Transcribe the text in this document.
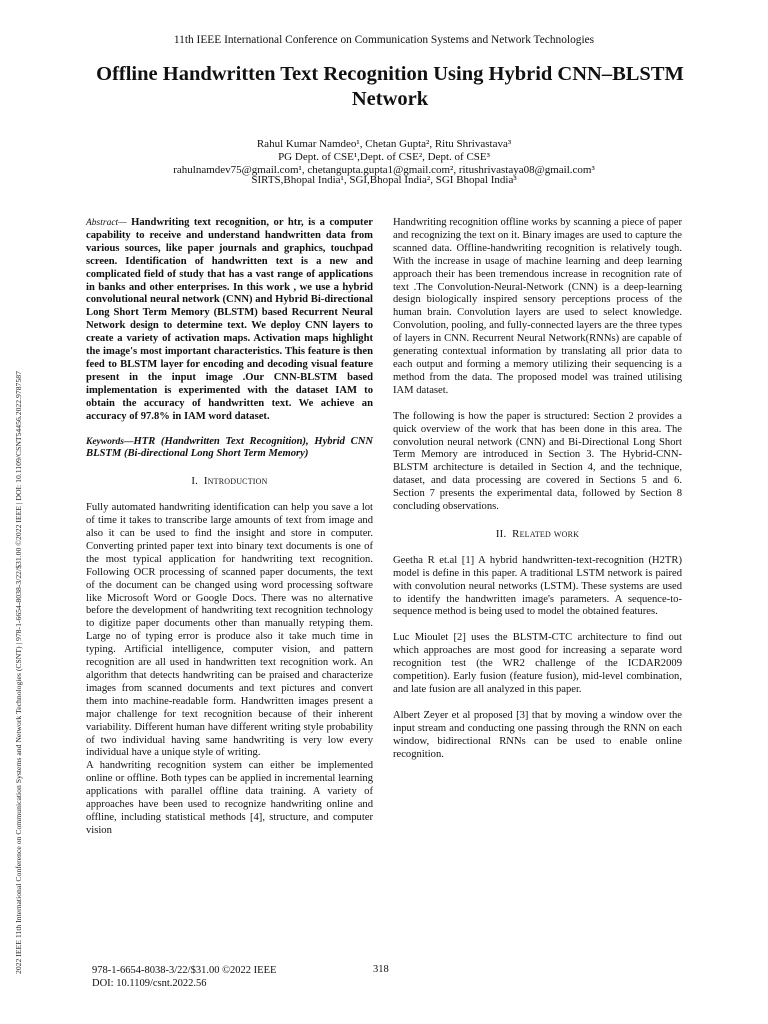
2022 IEEE 11th International Conference on Communication Systems and Network Technologies (CSNT) | 978-1-6654-8038-3/22/$31.00 ©2022 IEEE | DOI: 10.1109/CSNT54456.2022.9787587
11th IEEE International Conference on Communication Systems and Network Technologies
Offline Handwritten Text Recognition Using Hybrid CNN–BLSTM Network
Rahul Kumar Namdeo¹, Chetan Gupta², Ritu Shrivastava³
PG Dept. of CSE¹,Dept. of CSE², Dept. of CSE³
rahulnamdev75@gmail.com¹, chetangupta.gupta1@gmail.com², ritushrivastaya08@gmail.com³
SIRTS,Bhopal India¹, SGI,Bhopal India², SGI Bhopal India³

Abstract— Handwriting text recognition, or htr, is a computer capability to receive and understand handwritten data from various sources, like paper journals and graphics, touchpad screen. Identification of handwritten text is a new and complicated field of study that has a vast range of applications in banks and other enterprises. In this work , we use a hybrid convolutional neural network (CNN) and Hybrid Bi-directional Long Short Term Memory (BLSTM) based Recurrent Neural Network design to determine text. We deploy CNN layers to create a variety of activation maps. Activation maps highlight the image's most important characteristics. This feature is then feed to BLSTM layer for encoding and decoding visual feature present in the input image .Our CNN-BLSTM based implementation is experimented with the dataset IAM to obtain the accuracy of handwritten text. We achieve an accuracy of 97.8% in IAM word dataset.

Keywords—HTR (Handwritten Text Recognition), Hybrid CNN BLSTM (Bi-directional Long Short Term Memory)

I. Introduction

Fully automated handwriting identification can help you save a lot of time it takes to transcribe large amounts of text from image and also it can be used to find the insight and store in computer. Converting printed paper text into binary text documents is one of the most typical application for handwriting text recognition. Following OCR processing of scanned paper documents, the text of the document can be changed using word processing software like Microsoft Word or Google Docs. There was no alternative before the development of handwriting text recognition technology to digitize paper documents other than manually retyping them. Large no of typing error is produce also it take much time in typing. Artificial intelligence, computer vision, and pattern recognition are all used in handwritten text recognition work. An algorithm that detects handwriting can be praised and characterize images from scanned documents and text pictures and convert them into machine-readable form. Handwritten images present a major challenge for text recognition because of their inherent variability. Different human have different writing style probability of two individual having same handwriting is very low every individual have a unique style of writing.

A handwriting recognition system can either be implemented online or offline. Both types can be applied in incremental learning applications with parallel offline data training. A variety of approaches have been used to recognize handwriting online and offline, including statistical methods [4], structure, and computer vision

Handwriting recognition offline works by scanning a piece of paper and recognizing the text on it. Binary images are used to capture the scanned data. Offline-handwriting recognition is relatively tough. With the increase in usage of machine learning and deep learning approach their has been tremendous increase in recognition rate of text .The Convolution-Neural-Network (CNN) is a deep-learning design biologically inspired sensory perceptions process of the human brain. Convolution layers are used to select knowledge. Convolution, pooling, and fully-connected layers are the three types of layers in CNN. Recurrent Neural Network(RNNs) are capable of generating contextual information by translating all prior data to each output and forming a memory utilizing their sequencing is a method from the data. The proposed model was trained utilising IAM dataset.

The following is how the paper is structured: Section 2 provides a quick overview of the work that has been done in this area. The convolution neural network (CNN) and Bi-Directional Long Short Term Memory are introduced in Section 3. The Hybrid-CNN-BLSTM architecture is detailed in Section 4, and the technique, dataset, and data processing are covered in Sections 5 and 6. Section 7 presents the experimental data, followed by Section 8 concluding observations.

II. Related work

Geetha R et.al [1] A hybrid handwritten-text-recognition (H2TR) model is define in this paper. A traditional LSTM network is paired with convolution neural networks (LSTM). These systems are used to identify the handwritten image's parameters. A sequence-to-sequence method is being used to model the obtained features.

Luc Mioulet [2] uses the BLSTM-CTC architecture to find out which approaches are most good for increasing a separate word recognition test (the WR2 challenge of the ICDAR2009 competition). Early fusion (feature fusion), mid-level combination, and late fusion are all analyzed in this paper.

Albert Zeyer et al proposed [3] that by moving a window over the input stream and conducting one passing through the RNN on each window, bidirectional RNNs can be used to enable online recognition.

978-1-6654-8038-3/22/$31.00 ©2022 IEEE
DOI: 10.1109/csnt.2022.56
318
